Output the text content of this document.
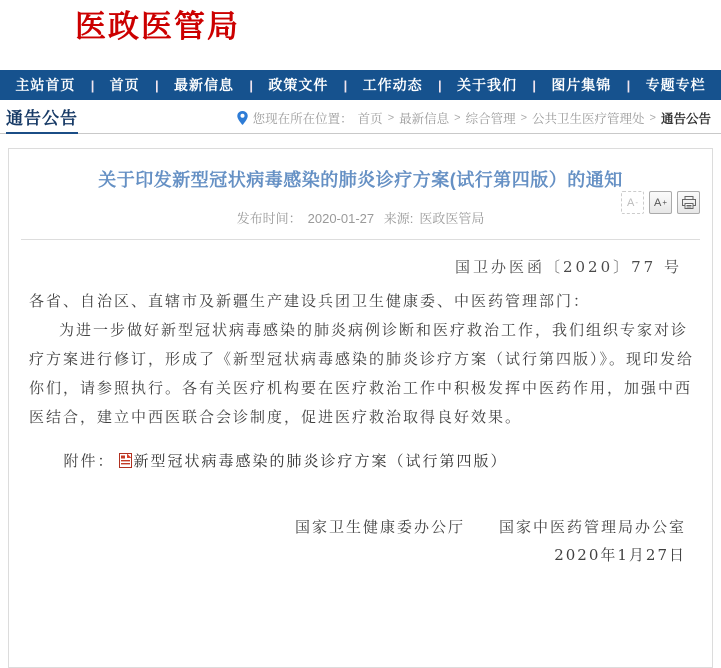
医政医管局
主站首页 | 首页 | 最新信息 | 政策文件 | 工作动态 | 关于我们 | 图片集锦 | 专题专栏
通告公告	您现在所在位置： 首页 > 最新信息 > 综合管理 > 公共卫生医疗管理处 > 通告公告
关于印发新型冠状病毒感染的肺炎诊疗方案(试行第四版）的通知
发布时间： 2020-01-27 来源: 医政医管局
A - A +
国卫办医函〔2020〕77 号

各省、自治区、直辖市及新疆生产建设兵团卫生健康委、中医药管理部门：

为进一步做好新型冠状病毒感染的肺炎病例诊断和医疗救治工作，我们组织专家对诊疗方案进行修订，形成了《新型冠状病毒感染的肺炎诊疗方案（试行第四版）》。现印发给你们，请参照执行。各有关医疗机构要在医疗救治工作中积极发挥中医药作用，加强中西医结合，建立中西医联合会诊制度，促进医疗救治取得良好效果。

附件： 新型冠状病毒感染的肺炎诊疗方案（试行第四版）
国家卫生健康委办公厅　　国家中医药管理局办公室
2020年1月27日
